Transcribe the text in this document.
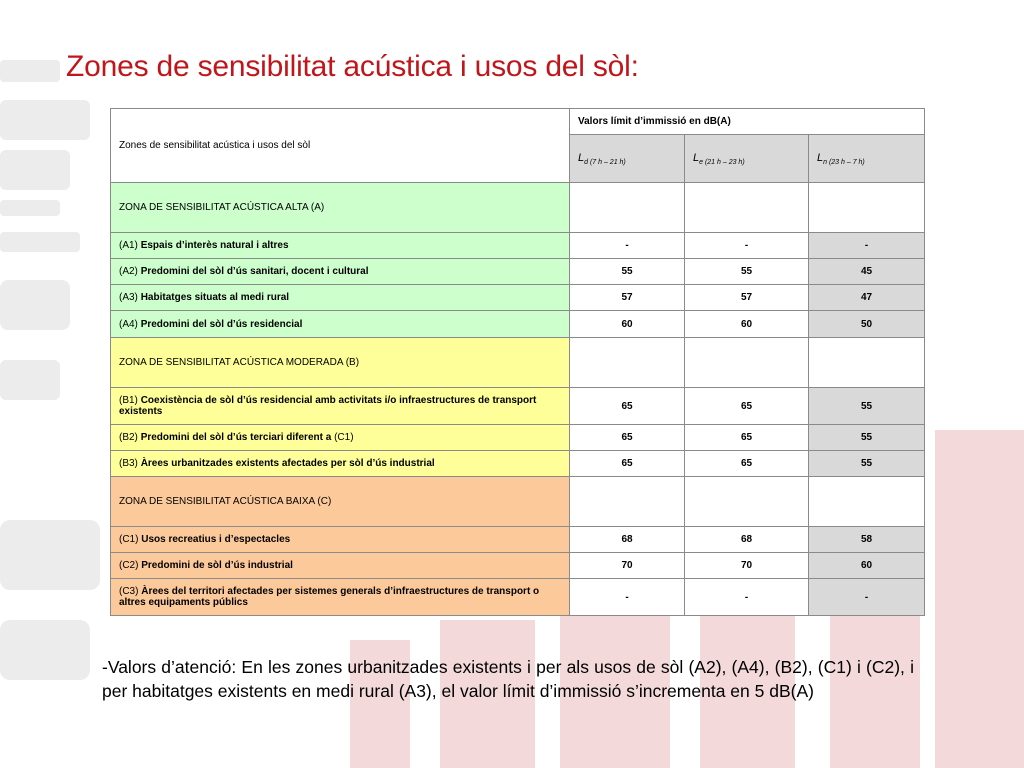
Zones de sensibilitat acústica i usos del sòl:
Zones de sensibilitat acústica i usos del sòl	Valors límit d’immissió en dB(A)		
	$L_{d (7 h - 21 h)}$	$L_{e (21 h - 23 h)}$	$L_{n (23 h - 7 h)}$
ZONA DE SENSIBILITAT ACÚSTICA ALTA (A)			
(A1) Espais d’interès natural i altres	-	-	-
(A2) Predomini del sòl d’ús sanitari, docent i cultural	55	55	45
(A3) Habitatges situats al medi rural	57	57	47
(A4) Predomini del sòl d’ús residencial	60	60	50
ZONA DE SENSIBILITAT ACÚSTICA MODERADA (B)			
(B1) Coexistència de sòl d’ús residencial amb activitats i/o infraestructures de transport existents	65	65	55
(B2) Predomini del sòl d’ús terciari diferent a (C1)	65	65	55
(B3) Àrees urbanitzades existents afectades per sòl d’ús industrial	65	65	55
ZONA DE SENSIBILITAT ACÚSTICA BAIXA (C)			
(C1) Usos recreatius i d’espectacles	68	68	58
(C2) Predomini de sòl d’ús industrial	70	70	60
(C3) Àrees del territori afectades per sistemes generals d’infraestructures de transport o altres equipaments públics	-	-	-
-Valors d’atenció: En les zones urbanitzades existents i per als usos de sòl (A2), (A4), (B2), (C1) i (C2), i per habitatges existents en medi rural (A3), el valor límit d’immissió s’incrementa en 5 dB(A)
